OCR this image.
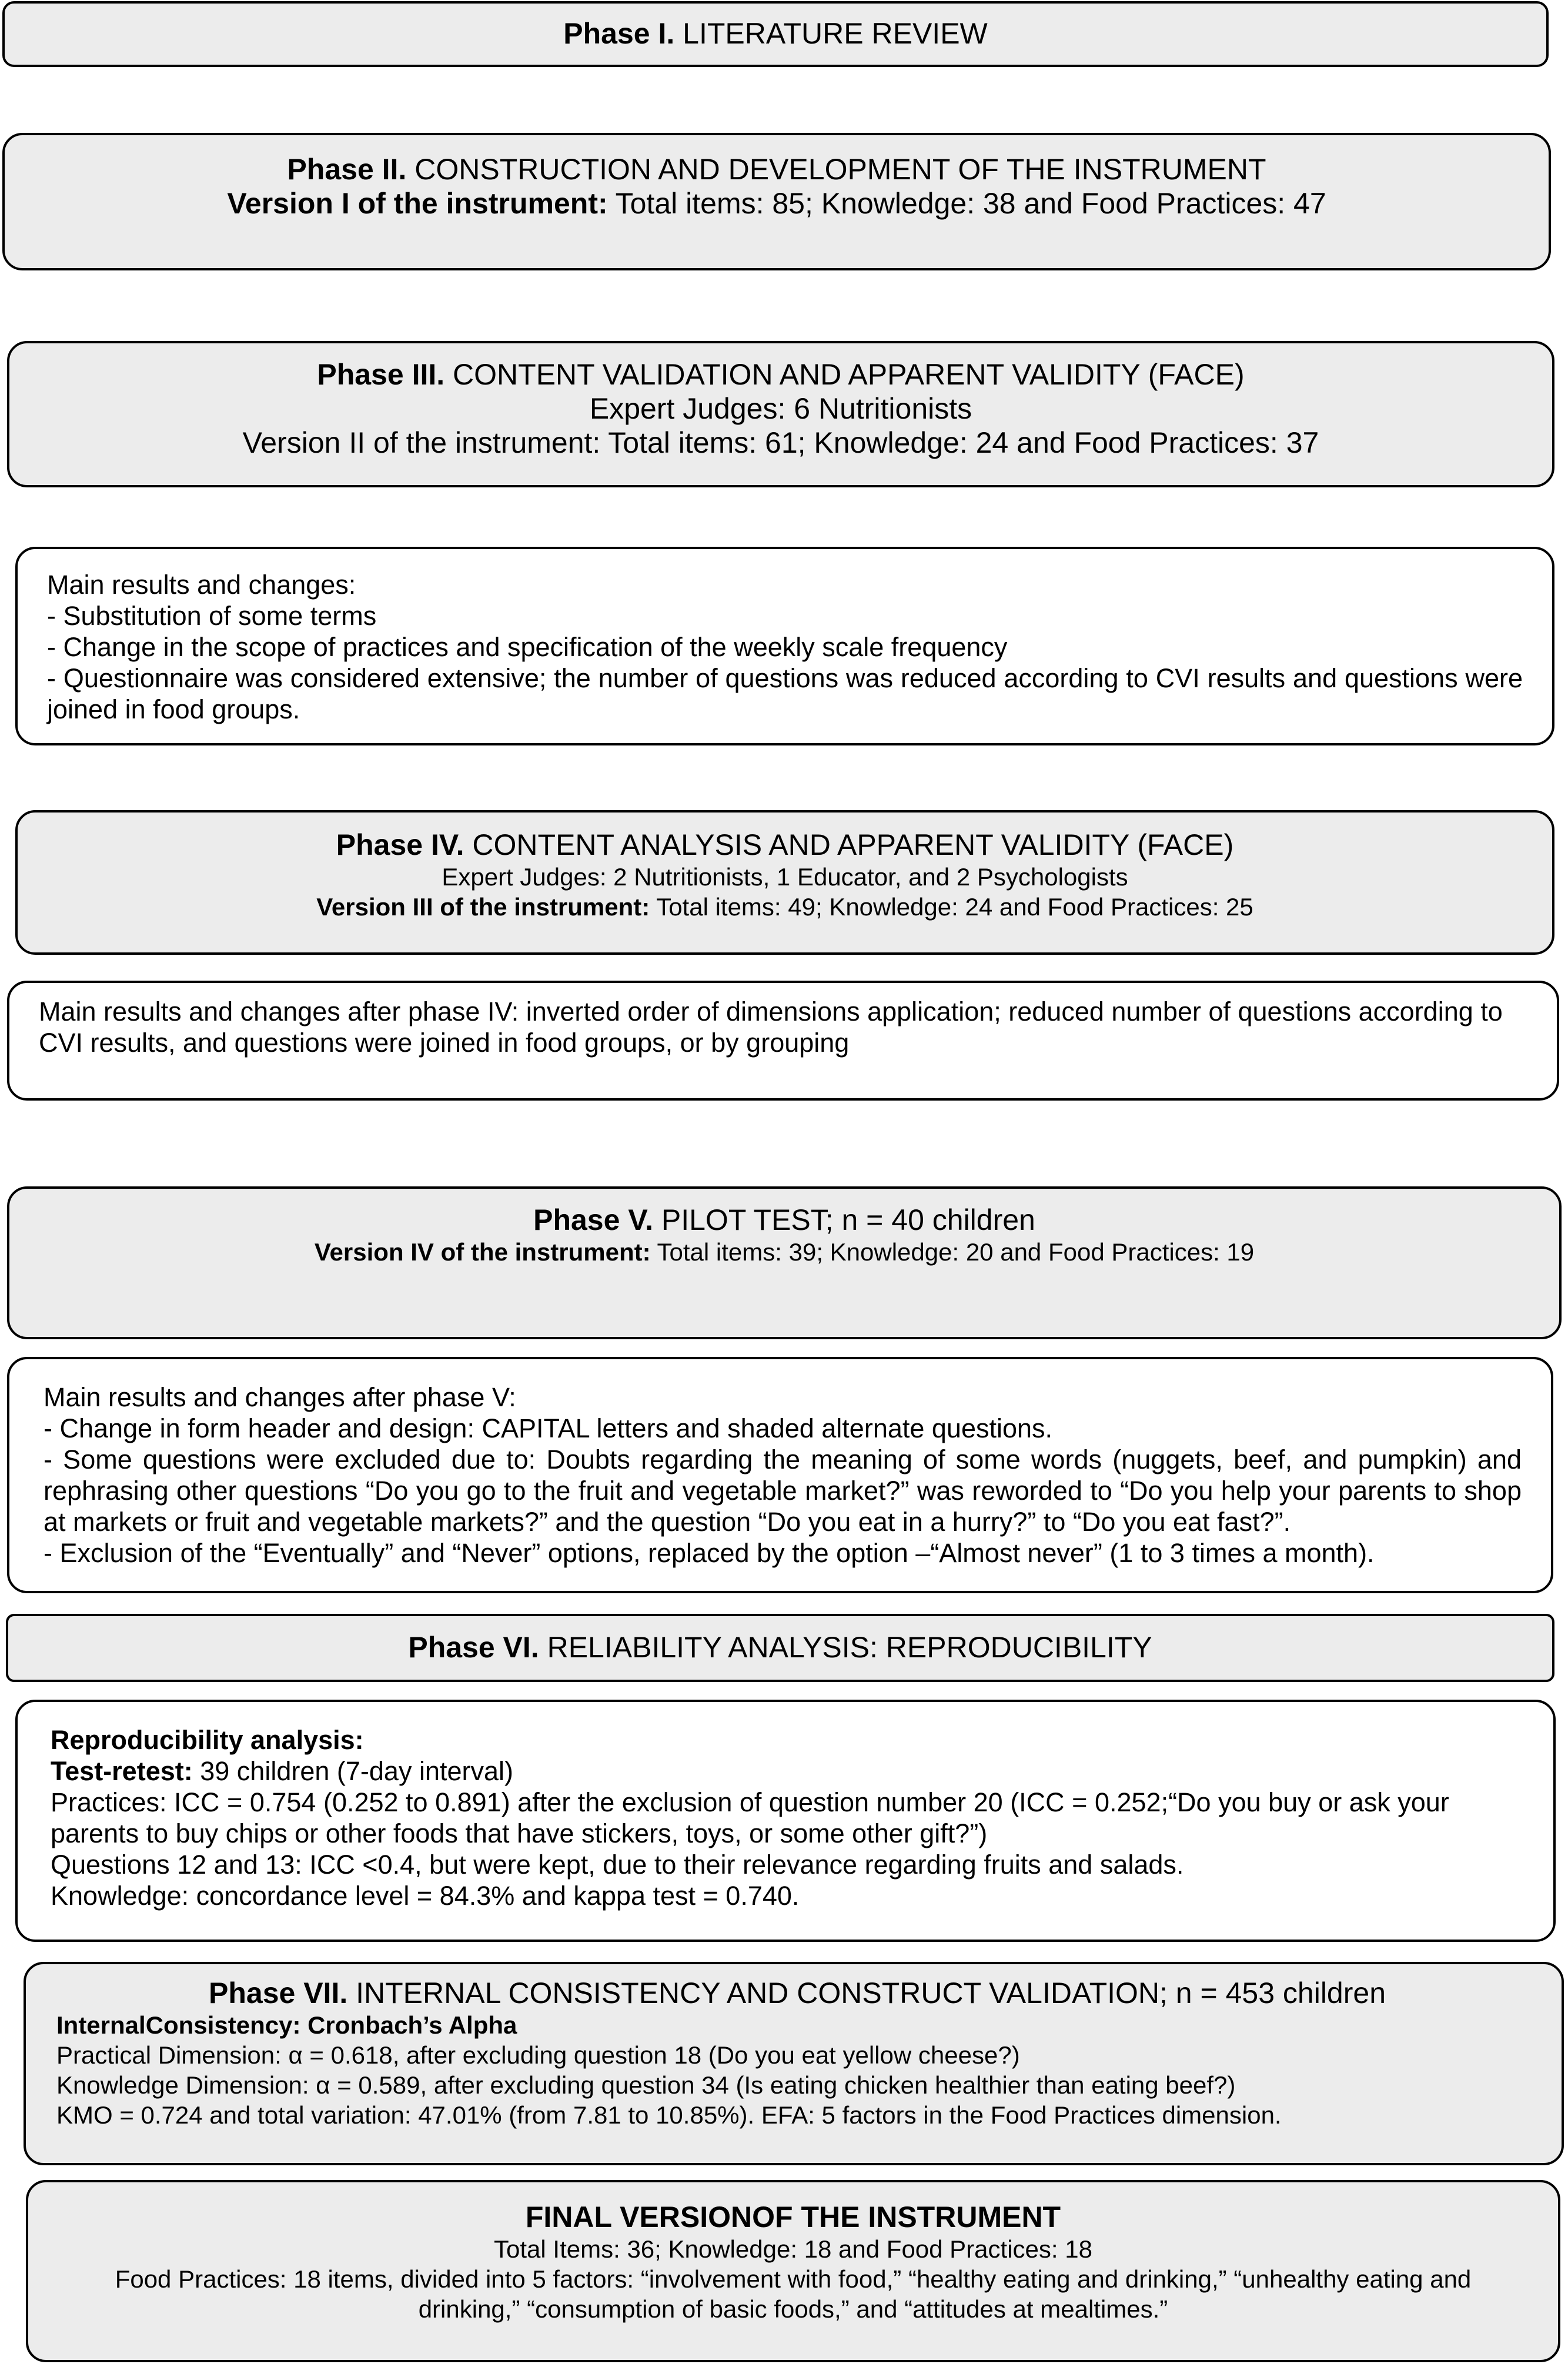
Phase I. LITERATURE REVIEW
Phase II. CONSTRUCTION AND DEVELOPMENT OF THE INSTRUMENT
Version I of the instrument: Total items: 85; Knowledge: 38 and Food Practices: 47
Phase III. CONTENT VALIDATION AND APPARENT VALIDITY (FACE)
Expert Judges: 6 Nutritionists
Version II of the instrument: Total items: 61; Knowledge: 24 and Food Practices: 37
Main results and changes:
- Substitution of some terms
- Change in the scope of practices and specification of the weekly scale frequency
- Questionnaire was considered extensive; the number of questions was reduced according to CVI results and questions were joined in food groups.
Phase IV. CONTENT ANALYSIS AND APPARENT VALIDITY (FACE)
Expert Judges: 2 Nutritionists, 1 Educator, and 2 Psychologists
Version III of the instrument: Total items: 49; Knowledge: 24 and Food Practices: 25
Main results and changes after phase IV: inverted order of dimensions application; reduced number of questions according to CVI results, and questions were joined in food groups, or by grouping
Phase V. PILOT TEST; n = 40 children
Version IV of the instrument: Total items: 39; Knowledge: 20 and Food Practices: 19
Main results and changes after phase V:
- Change in form header and design: CAPITAL letters and shaded alternate questions.
- Some questions were excluded due to: Doubts regarding the meaning of some words (nuggets, beef, and pumpkin) and rephrasing other questions “Do you go to the fruit and vegetable market?” was reworded to “Do you help your parents to shop at markets or fruit and vegetable markets?” and the question “Do you eat in a hurry?” to “Do you eat fast?”.
- Exclusion of the “Eventually” and “Never” options, replaced by the option –“Almost never” (1 to 3 times a month).
Phase VI. RELIABILITY ANALYSIS: REPRODUCIBILITY
Reproducibility analysis:
Test-retest: 39 children (7-day interval)
Practices: ICC = 0.754 (0.252 to 0.891) after the exclusion of question number 20 (ICC = 0.252;“Do you buy or ask your parents to buy chips or other foods that have stickers, toys, or some other gift?”)
Questions 12 and 13: ICC <0.4, but were kept, due to their relevance regarding fruits and salads.
Knowledge: concordance level = 84.3% and kappa test = 0.740.
Phase VII. INTERNAL CONSISTENCY AND CONSTRUCT VALIDATION; n = 453 children
InternalConsistency: Cronbach’s Alpha
Practical Dimension: α = 0.618, after excluding question 18 (Do you eat yellow cheese?)
Knowledge Dimension: α = 0.589, after excluding question 34 (Is eating chicken healthier than eating beef?)
KMO = 0.724 and total variation: 47.01% (from 7.81 to 10.85%). EFA: 5 factors in the Food Practices dimension.
FINAL VERSIONOF THE INSTRUMENT
Total Items: 36; Knowledge: 18 and Food Practices: 18
Food Practices: 18 items, divided into 5 factors: “involvement with food,” “healthy eating and drinking,” “unhealthy eating and drinking,” “consumption of basic foods,” and “attitudes at mealtimes.”
